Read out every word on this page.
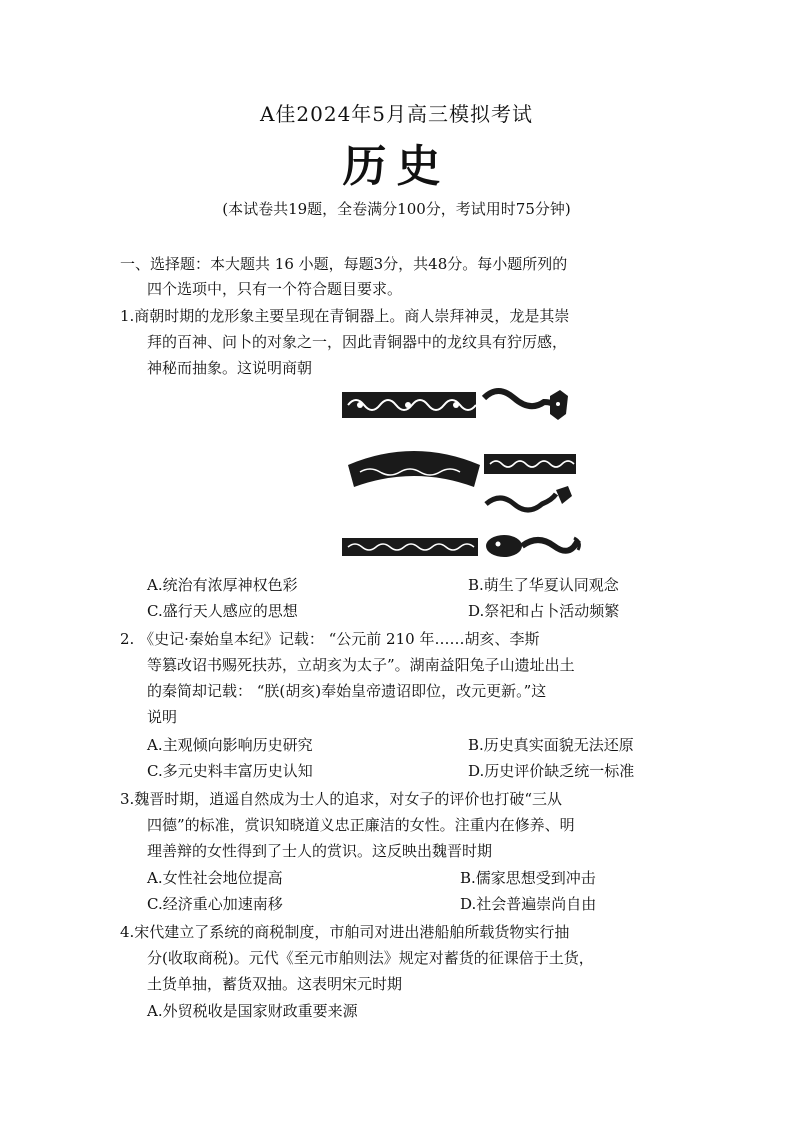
A佳2024年5月高三模拟考试
历史
(本试卷共19题，全卷满分100分，考试用时75分钟)
一、选择题：本大题共 16 小题，每题3分，共48分。每小题所列的
四个选项中，只有一个符合题目要求。
1.商朝时期的龙形象主要呈现在青铜器上。商人崇拜神灵，龙是其崇
拜的百神、问卜的对象之一，因此青铜器中的龙纹具有狞厉感，
神秘而抽象。这说明商朝
A.统治有浓厚神权色彩	B.萌生了华夏认同观念
C.盛行天人感应的思想	D.祭祀和占卜活动频繁
2. 《史记·秦始皇本纪》记载： “公元前 210 年……胡亥、李斯
等篡改诏书赐死扶苏，立胡亥为太子”。湖南益阳兔子山遗址出土
的秦简却记载： “朕(胡亥)奉始皇帝遗诏即位，改元更新。”这
说明
A.主观倾向影响历史研究	B.历史真实面貌无法还原
C.多元史料丰富历史认知	D.历史评价缺乏统一标准
3.魏晋时期，逍遥自然成为士人的追求，对女子的评价也打破“三从
四德”的标准，赏识知晓道义忠正廉洁的女性。注重内在修养、明
理善辩的女性得到了士人的赏识。这反映出魏晋时期
A.女性社会地位提高	B.儒家思想受到冲击
C.经济重心加速南移	D.社会普遍崇尚自由
4.宋代建立了系统的商税制度，市舶司对进出港船舶所载货物实行抽
分(收取商税)。元代《至元市舶则法》规定对蓄货的征课倍于土货，
土货单抽，蓄货双抽。这表明宋元时期
A.外贸税收是国家财政重要来源
